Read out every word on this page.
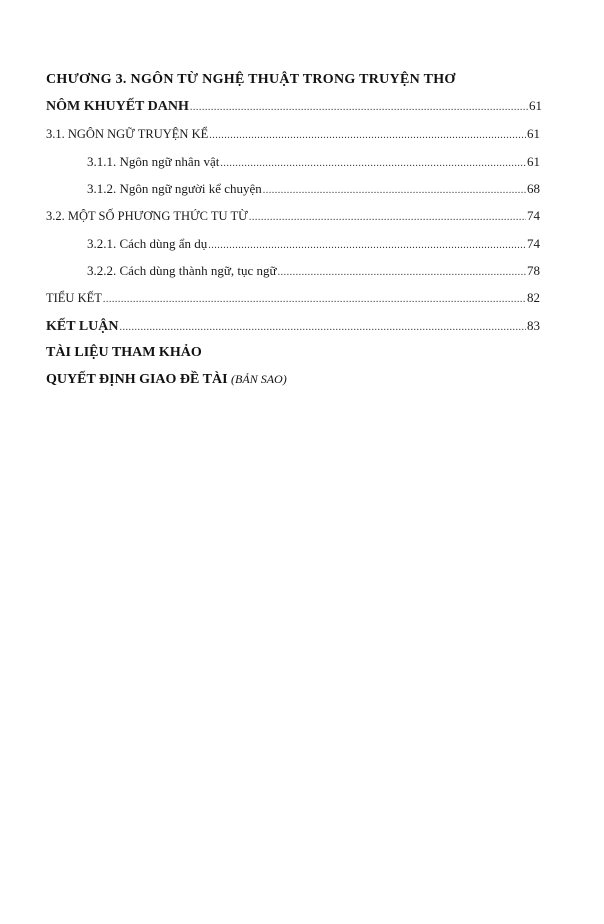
CHƯƠNG 3. NGÔN TỪ NGHỆ THUẬT TRONG TRUYỆN THƠ
NÔM KHUYẾT DANH .....	61
3.1. NGÔN NGỮ TRUYỆN KỂ .....	61
3.1.1. Ngôn ngữ nhân vật .....	61
3.1.2. Ngôn ngữ người kể chuyện .....	68
3.2. MỘT SỐ PHƯƠNG THỨC TU TỪ .....	74
3.2.1. Cách dùng ẩn dụ .....	74
3.2.2. Cách dùng thành ngữ, tục ngữ .....	78
TIỂU KẾT .....	82
KẾT LUẬN .....	83
TÀI LIỆU THAM KHẢO
QUYẾT ĐỊNH GIAO ĐỀ TÀI (BẢN SAO)
